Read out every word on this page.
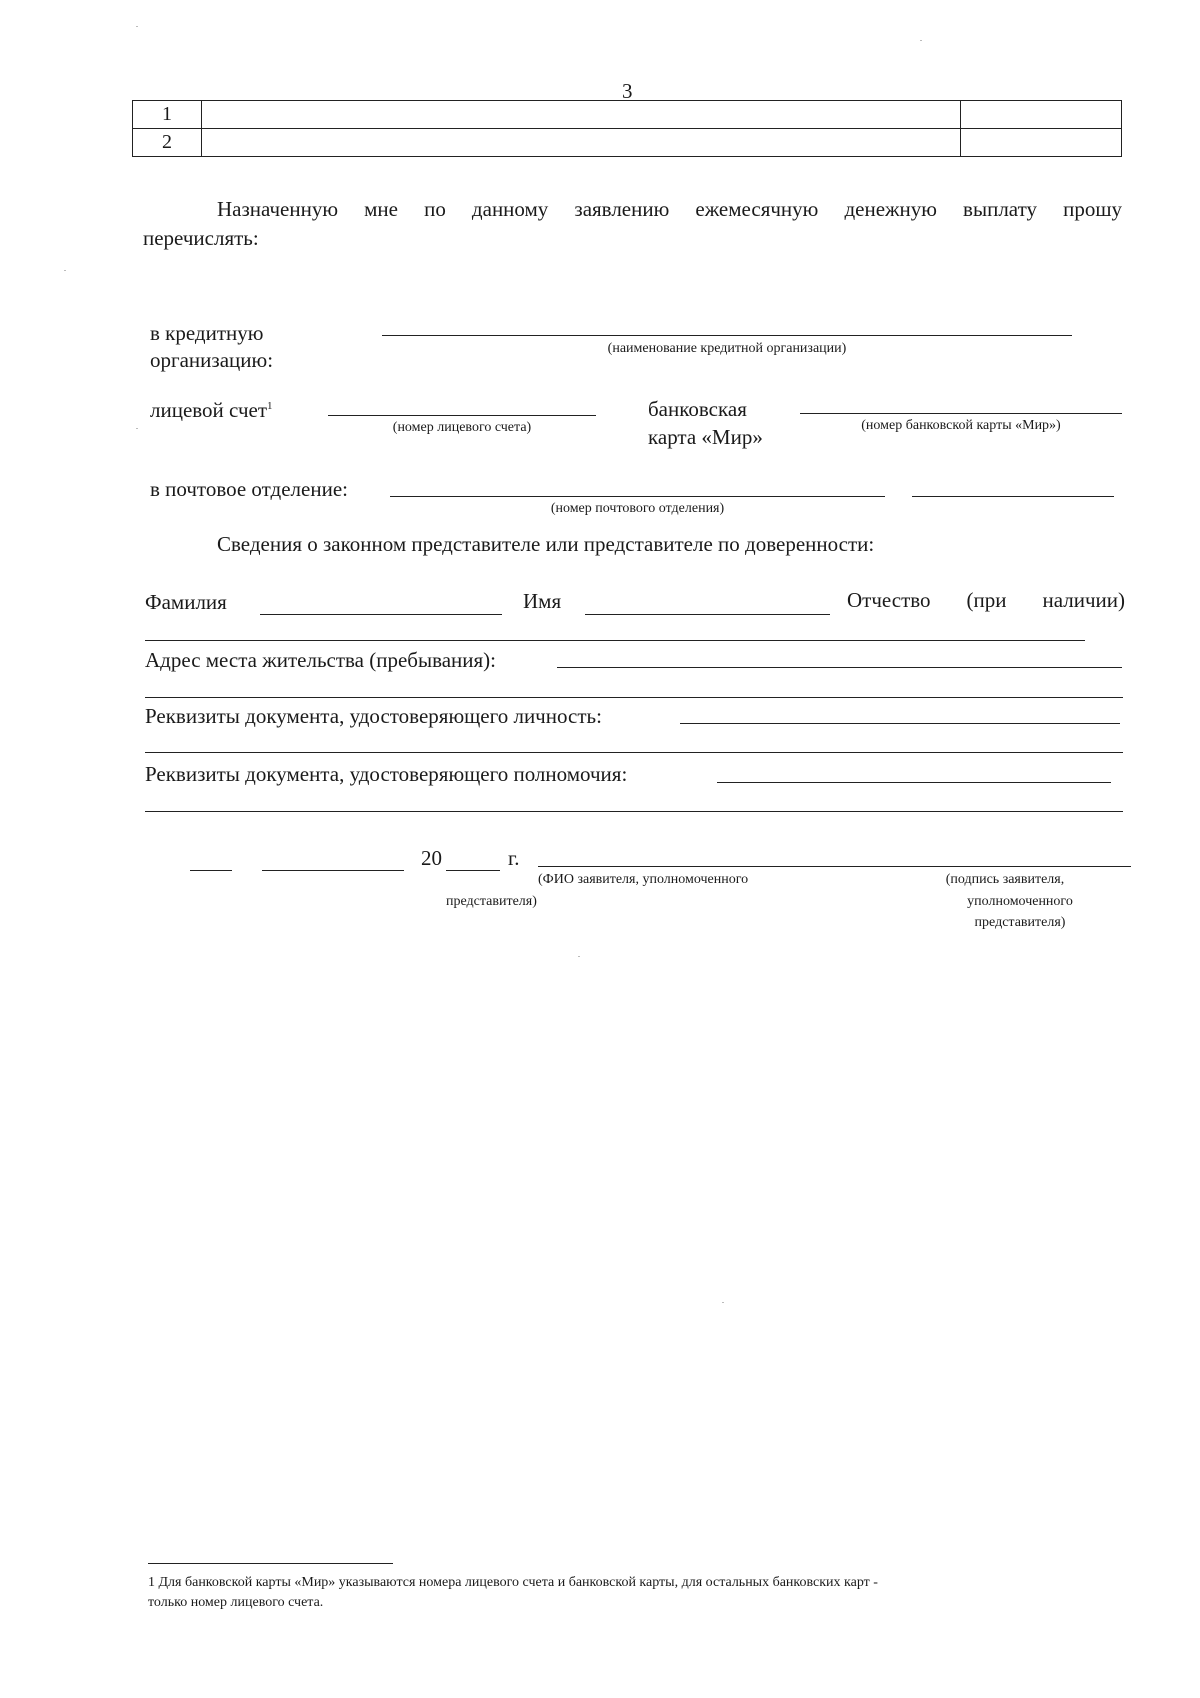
3
1		
2		
Назначенную мне по данному заявлению ежемесячную денежную выплату прошу
перечислять:
в кредитную
организацию:	(наименование кредитной организации)
лицевой счет$^1$
(номер лицевого счета)
банковская
карта «Мир»	(номер банковской карты «Мир»)
в почтовое отделение:
(номер почтового отделения)
Сведения о законном представителе или представителе по доверенности:
Фамилия	Имя	Отчество (при наличии)
Адрес места жительства (пребывания):
Реквизиты документа, удостоверяющего личность:
Реквизиты документа, удостоверяющего полномочия:
20	г.
(ФИО заявителя, уполномоченного
представителя)
(подпись заявителя,
уполномоченного
представителя)
1 Для банковской карты «Мир» указываются номера лицевого счета и банковской карты, для остальных банковских карт -
только номер лицевого счета.
